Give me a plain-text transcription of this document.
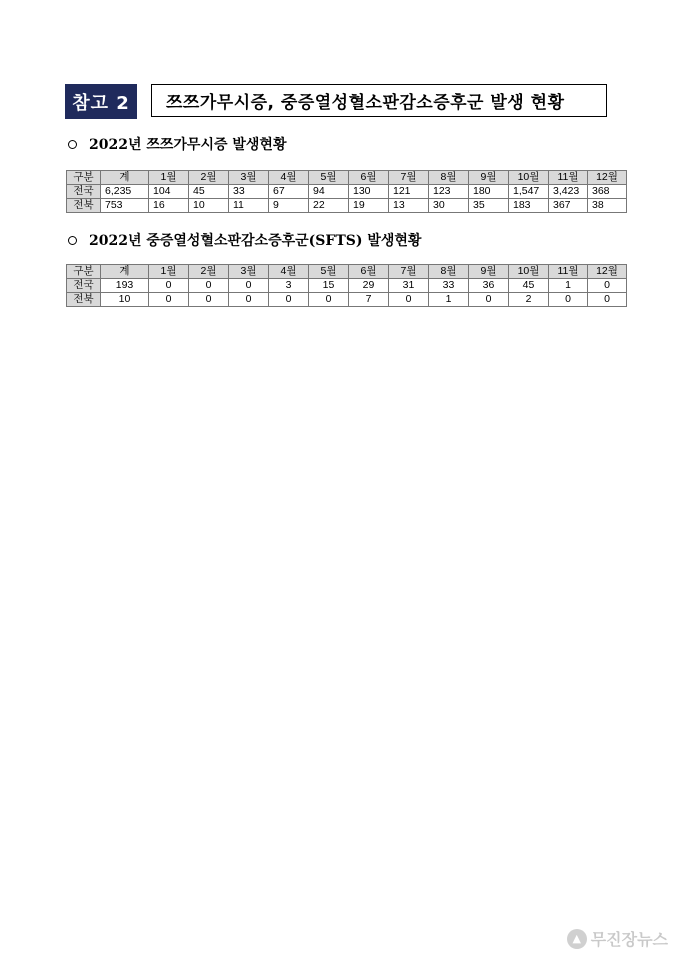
참고 2	쯔쯔가무시증, 중증열성혈소판감소증후군 발생 현황
2022년 쯔쯔가무시증 발생현황
구분	계	1월	2월	3월	4월	5월	6월	7월	8월	9월	10월	11월	12월
전국	6,235	104	45	33	67	94	130	121	123	180	1,547	3,423	368
전북	753	16	10	11	9	22	19	13	30	35	183	367	38
2022년 중증열성혈소판감소증후군(SFTS) 발생현황
구분	계	1월	2월	3월	4월	5월	6월	7월	8월	9월	10월	11월	12월
전국	193	0	0	0	3	15	29	31	33	36	45	1	0
전북	10	0	0	0	0	0	7	0	1	0	2	0	0
▲ 무진장뉴스
